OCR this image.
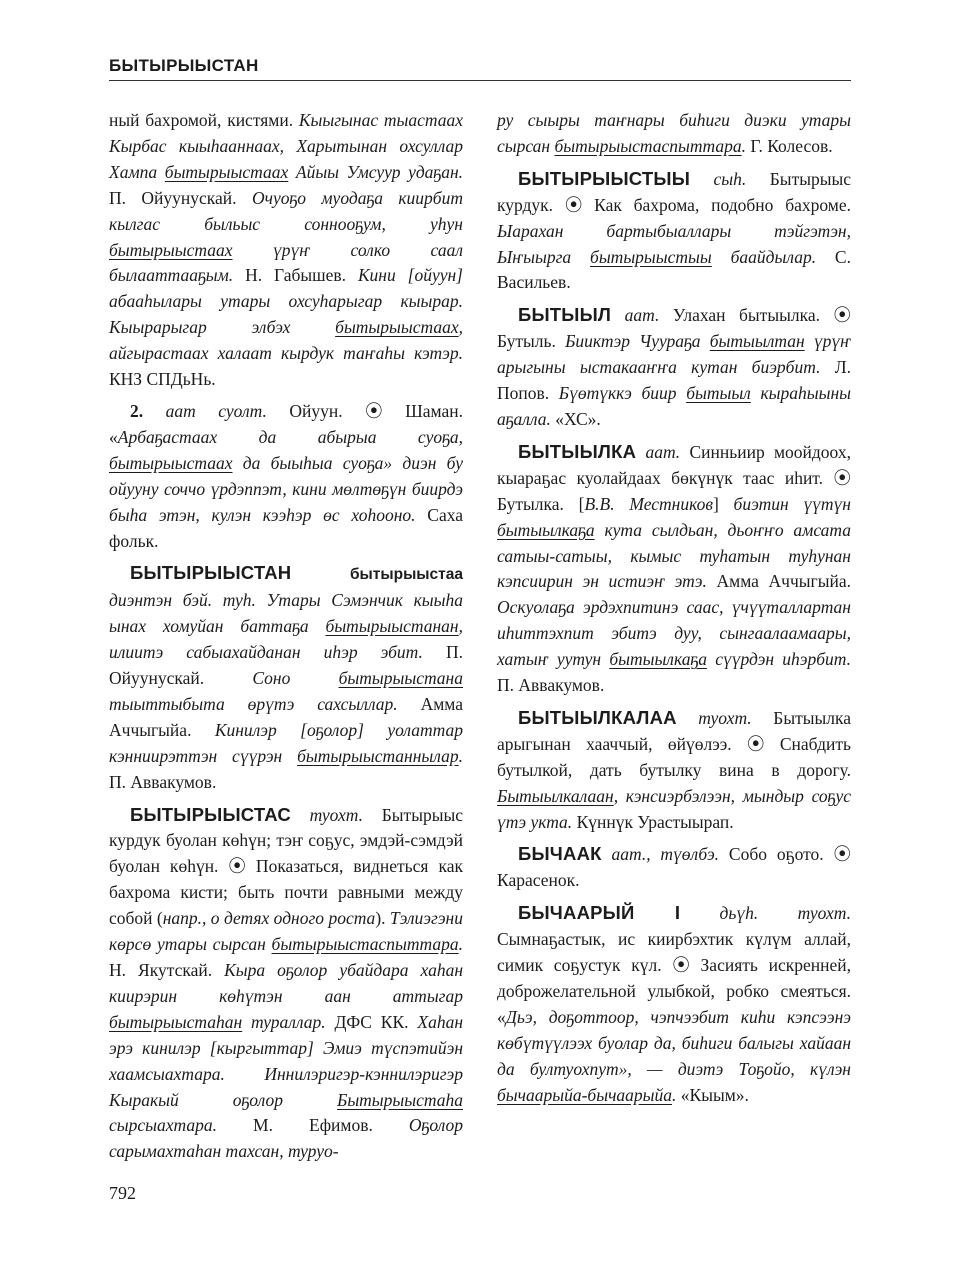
БЫТЫРЫЫСТАН

ный бахромой, кистями. Кыыгынас тыастаах Кырбас кыыһааннаах, Харытынан охсуллар Хампа бытырыыстаах Айыы Умсуур удаҕан. П. Ойуунускай. Очуоҕо муодаҕа киирбит кылгас быльыс соннооҕум, уһун бытырыыстаах үрүҥ солко саал былааттааҕым. Н. Габышев. Кини [ойуун] абааһылары утары охсуһарыгар кыырар. Кыырарыгар элбэх бытырыыстаах, айгырастаах халаат кырдук таҥаһы кэтэр. КНЗ СПДьНь.

2. аат суолт. Ойуун. ⦿ Шаман. «Арбаҕастаах да абырыа суоҕа, бытырыыстаах да быыһыа суоҕа» диэн бу ойууну соччо үрдэппэт, кини мөлтөҕүн биирдэ быһа этэн, кулэн кээһэр өс хоһооно. Саха фольк.

БЫТЫРЫЫСТАН бытырыыстаа диэнтэн бэй. туһ. Утары Сэмэнчик кыыһа ынах хомуйан баттаҕа бытырыыстанан, илиитэ сабыахайданан иһэр эбит. П. Ойуунускай. Соно бытырыыстана тыыттыбыта өрүтэ сахсыллар. Амма Аччыгыйа. Кинилэр [оҕолор] уолаттар кэнниирэттэн сүүрэн бытырыыстаннылар. П. Аввакумов.

БЫТЫРЫЫСТАС туохт. Бытырыыс курдук буолан көһүн; тэҥ соҕус, эмдэй-сэмдэй буолан көһүн. ⦿ Показаться, виднеться как бахрома кисти; быть почти равными между собой (напр., о детях одного роста). Тэлиэгэни көрсө утары сырсан бытырыыстаспыттара. Н. Якутскай. Кыра оҕолор убайдара хаһан киирэрин көһүтэн аан аттыгар бытырыыстаһан тураллар. ДФС КК. Хаһан эрэ кинилэр [кыргыттар] Эмиэ түспэтийэн хаамсыахтара. Иннилэригэр-кэннилэригэр Кыракый оҕолор Бытырыыстаһа сырсыахтара. М. Ефимов. Оҕолор сарымахтаһан тахсан, туруо-

ру сыыры таҥнары биһиги диэки утары сырсан бытырыыстаспыттара. Г. Колесов.

БЫТЫРЫЫСТЫЫ сыһ. Бытырыыс курдук. ⦿ Как бахрома, подобно бахроме. Ыарахан бартыбыаллары тэйгэтэн, Ыҥыырга бытырыыстыы баайдылар. С. Васильев.

БЫТЫЫЛ аат. Улахан бытыылка. ⦿ Бутыль. Бииктэр Чуураҕа бытыылтан үрүҥ арыгыны ыстакааҥҥа кутан биэрбит. Л. Попов. Бүөтүккэ биир бытыыл кыраһыыны аҕалла. «ХС».

БЫТЫЫЛКА аат. Синньиир моойдоох, кыараҕас куолайдаах бөкүнүк таас иһит. ⦿ Бутылка. [В.В. Местников] биэтин үүтүн бытыылкаҕа кута сылдьан, дьоҥҥо амсата сатыы-сатыы, кымыс туһатын туһунан кэпсиирин эн истиэҥ этэ. Амма Аччыгыйа. Оскуолаҕа эрдэхпитинэ саас, үчүүталлартан иһиттэхпит эбитэ дуу, сынгаалаамаары, хатыҥ уутун бытыылкаҕа сүүрдэн иһэрбит. П. Аввакумов.

БЫТЫЫЛКАЛАА туохт. Бытыылка арыгынан хааччый, өйүөлээ. ⦿ Снабдить бутылкой, дать бутылку вина в дорогу. Бытыылкалаан, кэнсиэрбэлээн, мындыр соҕус үтэ укта. Күннүк Урастыырап.

БЫЧААК аат., түөлбэ. Собо оҕото. ⦿ Карасенок.

БЫЧААРЫЙ I дьүһ. туохт. Сымнаҕастык, ис киирбэхтик күлүм аллай, симик соҕустук күл. ⦿ Засиять искренней, доброжелательной улыбкой, робко смеяться. «Дьэ, доҕоттоор, чэпчээбит киһи кэпсээнэ көбүтүүлээх буолар да, биһиги балыгы хайаан да бултуохпут», — диэтэ Тоҕойо, күлэн бычаарыйа-бычаарыйа. «Кыым».

792
